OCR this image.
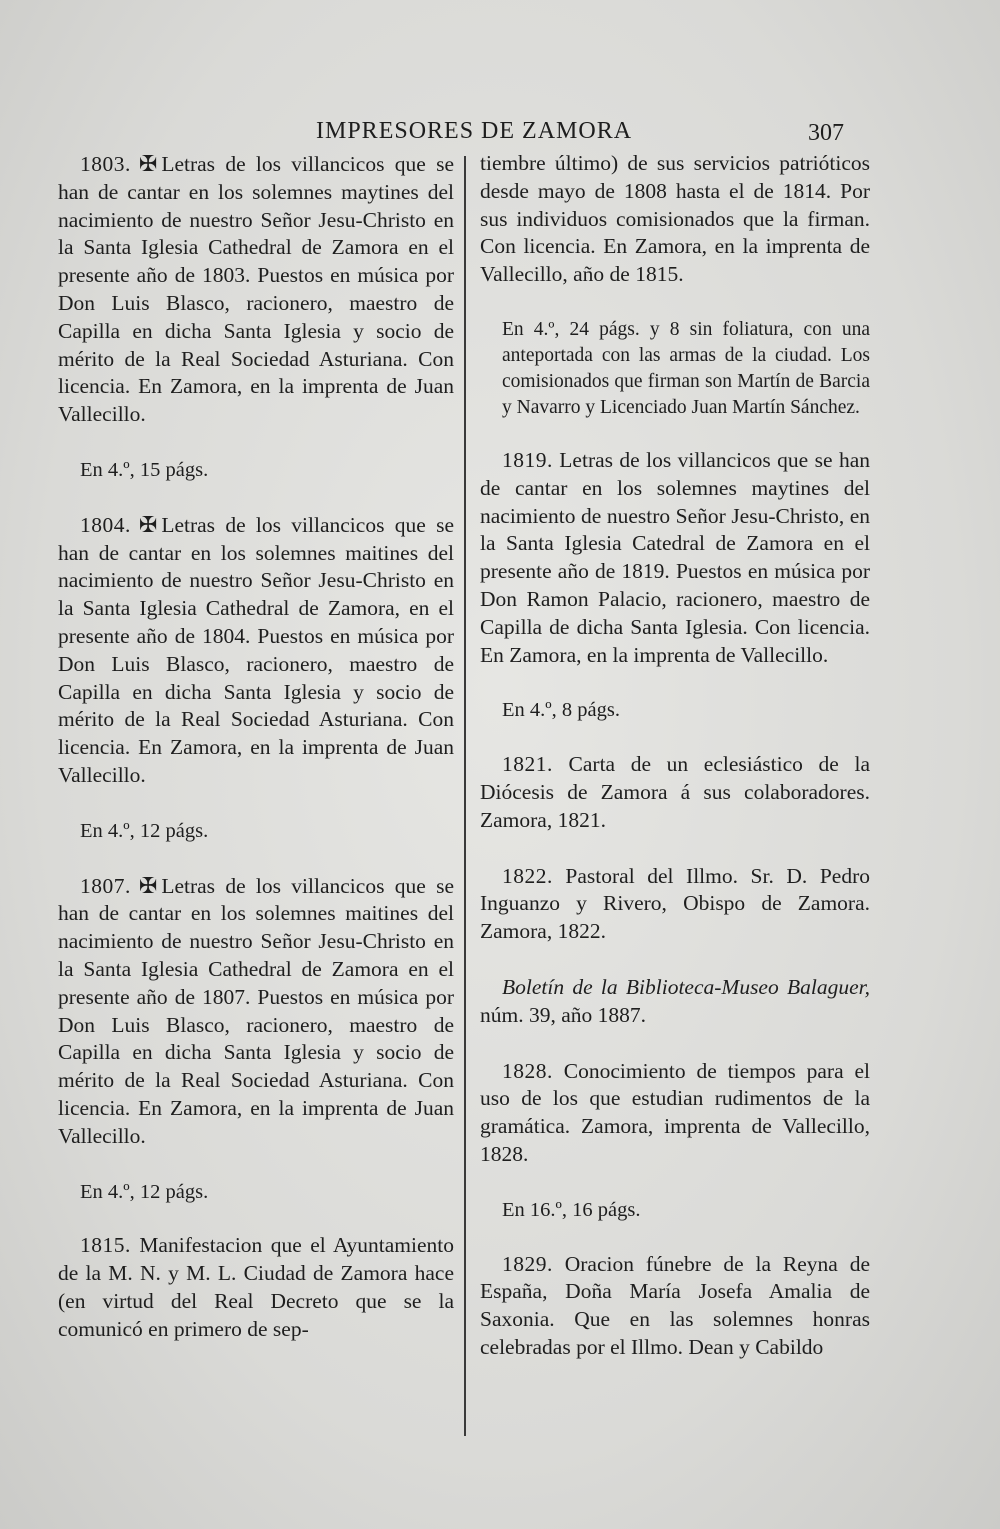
IMPRESORES DE ZAMORA	307

1803. ✠ Letras de los villancicos que se han de cantar en los solemnes maytines del nacimiento de nuestro Señor Jesu-Christo en la Santa Iglesia Cathedral de Zamora en el presente año de 1803. Puestos en música por Don Luis Blasco, racionero, maestro de Capilla en dicha Santa Iglesia y socio de mérito de la Real Sociedad Asturiana. Con licencia. En Zamora, en la imprenta de Juan Vallecillo.

En 4.º, 15 págs.

1804. ✠ Letras de los villancicos que se han de cantar en los solemnes maitines del nacimiento de nuestro Señor Jesu-Christo en la Santa Iglesia Cathedral de Zamora, en el presente año de 1804. Puestos en música por Don Luis Blasco, racionero, maestro de Capilla en dicha Santa Iglesia y socio de mérito de la Real Sociedad Asturiana. Con licencia. En Zamora, en la imprenta de Juan Vallecillo.

En 4.º, 12 págs.

1807. ✠ Letras de los villancicos que se han de cantar en los solemnes maitines del nacimiento de nuestro Señor Jesu-Christo en la Santa Iglesia Cathedral de Zamora en el presente año de 1807. Puestos en música por Don Luis Blasco, racionero, maestro de Capilla en dicha Santa Iglesia y socio de mérito de la Real Sociedad Asturiana. Con licencia. En Zamora, en la imprenta de Juan Vallecillo.

En 4.º, 12 págs.

1815. Manifestacion que el Ayuntamiento de la M. N. y M. L. Ciudad de Zamora hace (en virtud del Real Decreto que se la comunicó en primero de sep-

tiembre último) de sus servicios patrióticos desde mayo de 1808 hasta el de 1814. Por sus individuos comisionados que la firman. Con licencia. En Zamora, en la imprenta de Vallecillo, año de 1815.

En 4.º, 24 págs. y 8 sin foliatura, con una anteportada con las armas de la ciudad. Los comisionados que firman son Martín de Barcia y Navarro y Licenciado Juan Martín Sánchez.

1819. Letras de los villancicos que se han de cantar en los solemnes maytines del nacimiento de nuestro Señor Jesu-Christo, en la Santa Iglesia Catedral de Zamora en el presente año de 1819. Puestos en música por Don Ramon Palacio, racionero, maestro de Capilla de dicha Santa Iglesia. Con licencia. En Zamora, en la imprenta de Vallecillo.

En 4.º, 8 págs.

1821. Carta de un eclesiástico de la Diócesis de Zamora á sus colaboradores. Zamora, 1821.

1822. Pastoral del Illmo. Sr. D. Pedro Inguanzo y Rivero, Obispo de Zamora. Zamora, 1822.

Boletín de la Biblioteca-Museo Balaguer, núm. 39, año 1887.

1828. Conocimiento de tiempos para el uso de los que estudian rudimentos de la gramática. Zamora, imprenta de Vallecillo, 1828.

En 16.º, 16 págs.

1829. Oracion fúnebre de la Reyna de España, Doña María Josefa Amalia de Saxonia. Que en las solemnes honras celebradas por el Illmo. Dean y Cabildo
